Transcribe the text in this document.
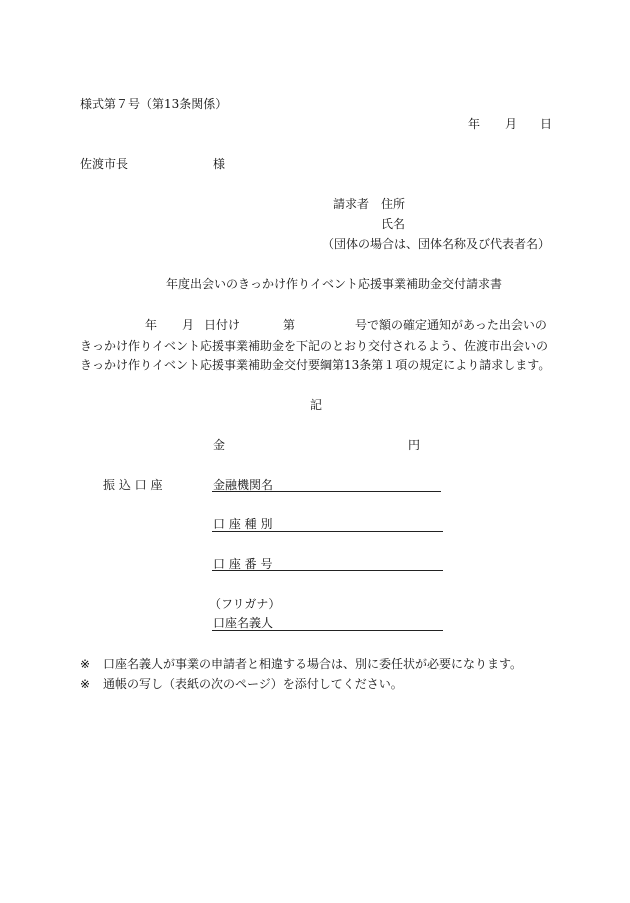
様式第７号（第13条関係）
年 月 日
佐渡市長	様
請求者 住所
氏名
（団体の場合は、団体名称及び代表者名）
年度出会いのきっかけ作りイベント応援事業補助金交付請求書
年 月 日付け	第	号で額の確定通知があった出会いの
きっかけ作りイベント応援事業補助金を下記のとおり交付されるよう、佐渡市出会いの
きっかけ作りイベント応援事業補助金交付要綱第13条第１項の規定により請求します。
記
金	円
振 込 口 座	金融機関名
口 座 種 別
口 座 番 号
（フリガナ）
口座名義人
※ 口座名義人が事業の申請者と相違する場合は、別に委任状が必要になります。
※ 通帳の写し（表紙の次のページ）を添付してください。
